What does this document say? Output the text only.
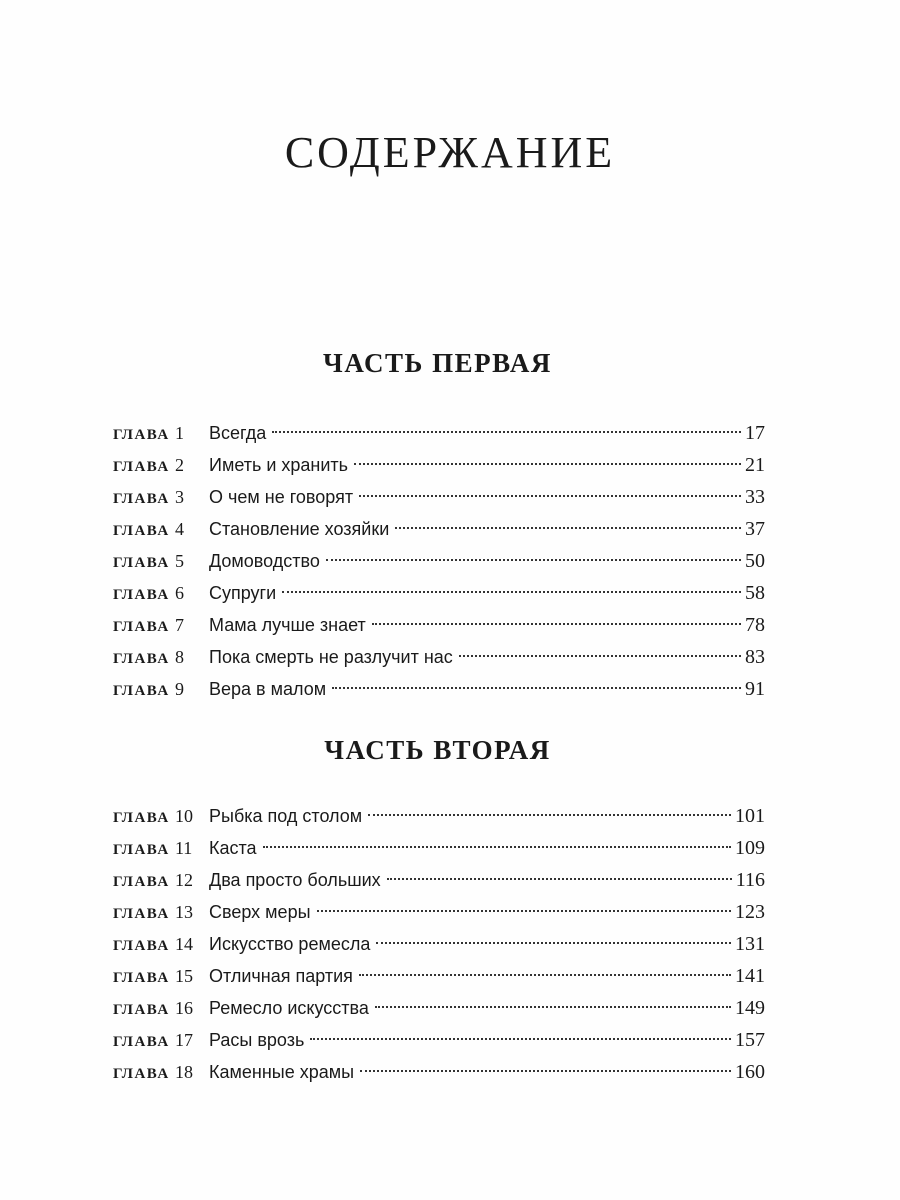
СОДЕРЖАНИЕ
ЧАСТЬ ПЕРВАЯ
ГЛАВА 1	Всегда	17
ГЛАВА 2	Иметь и хранить	21
ГЛАВА 3	О чем не говорят	33
ГЛАВА 4	Становление хозяйки	37
ГЛАВА 5	Домоводство	50
ГЛАВА 6	Супруги	58
ГЛАВА 7	Мама лучше знает	78
ГЛАВА 8	Пока смерть не разлучит нас	83
ГЛАВА 9	Вера в малом	91
ЧАСТЬ ВТОРАЯ
ГЛАВА 10 Рыбка под столом	101
ГЛАВА 11 Каста	109
ГЛАВА 12 Два просто больших	116
ГЛАВА 13 Сверх меры	123
ГЛАВА 14 Искусство ремесла	131
ГЛАВА 15 Отличная партия	141
ГЛАВА 16 Ремесло искусства	149
ГЛАВА 17 Расы врозь	157
ГЛАВА 18 Каменные храмы	160
